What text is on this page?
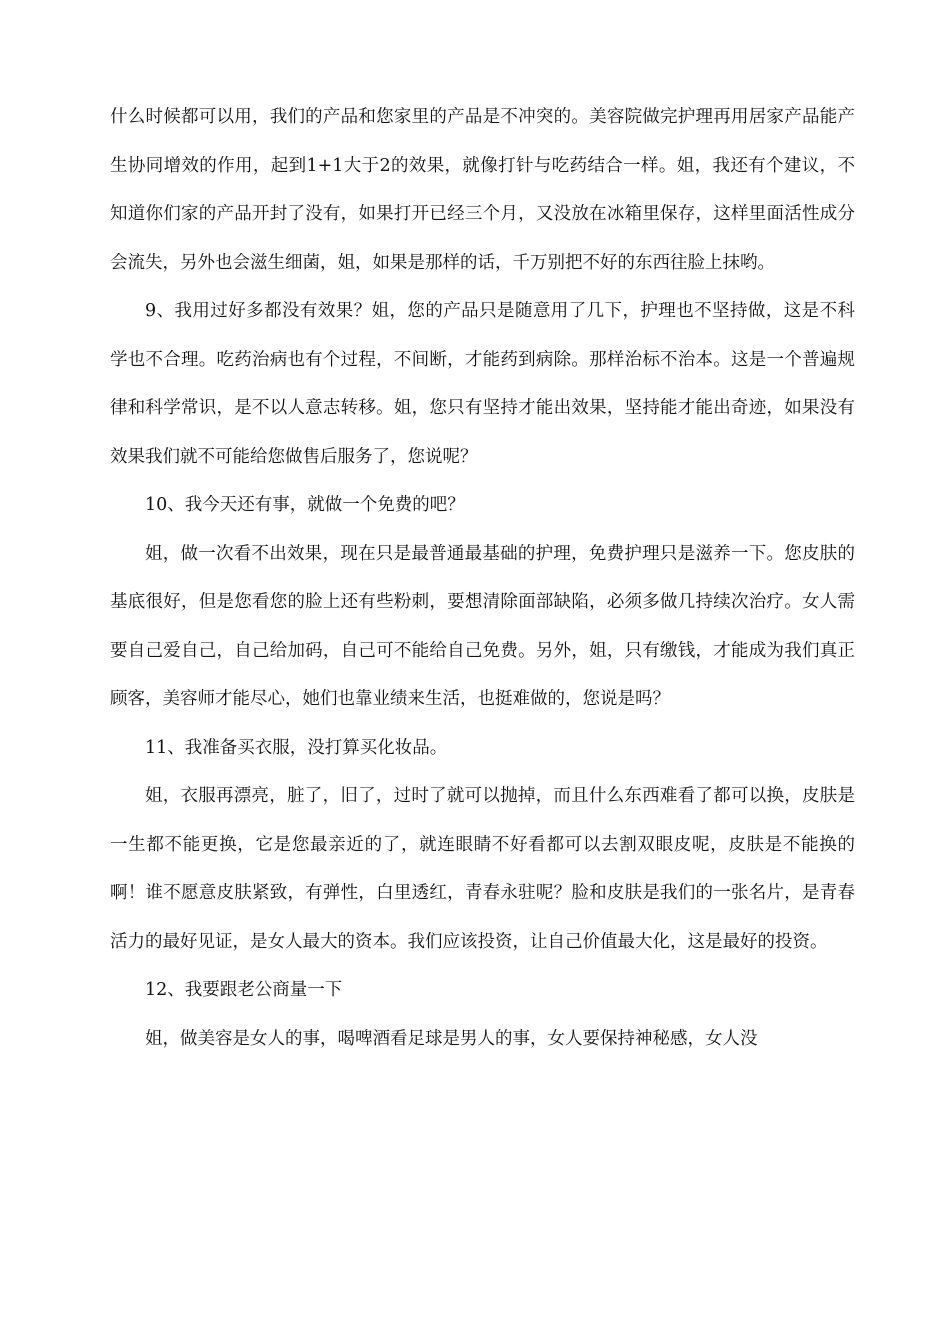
什么时候都可以用，我们的产品和您家里的产品是不冲突的。美容院做完护理再用居家产品能产生协同增效的作用，起到1+1大于2的效果，就像打针与吃药结合一样。姐，我还有个建议，不知道你们家的产品开封了没有，如果打开已经三个月，又没放在冰箱里保存，这样里面活性成分会流失，另外也会滋生细菌，姐，如果是那样的话，千万别把不好的东西往脸上抹哟。

9、我用过好多都没有效果？姐，您的产品只是随意用了几下，护理也不坚持做，这是不科学也不合理。吃药治病也有个过程，不间断，才能药到病除。那样治标不治本。这是一个普遍规律和科学常识，是不以人意志转移。姐，您只有坚持才能出效果，坚持能才能出奇迹，如果没有效果我们就不可能给您做售后服务了，您说呢？

10、我今天还有事，就做一个免费的吧？

姐，做一次看不出效果，现在只是最普通最基础的护理，免费护理只是滋养一下。您皮肤的基底很好，但是您看您的脸上还有些粉刺，要想清除面部缺陷，必须多做几持续次治疗。女人需要自己爱自己，自己给加码，自己可不能给自己免费。另外，姐，只有缴钱，才能成为我们真正顾客，美容师才能尽心，她们也靠业绩来生活，也挺难做的，您说是吗？

11、我准备买衣服，没打算买化妆品。

姐，衣服再漂亮，脏了，旧了，过时了就可以抛掉，而且什么东西难看了都可以换，皮肤是一生都不能更换，它是您最亲近的了，就连眼睛不好看都可以去割双眼皮呢，皮肤是不能换的啊！谁不愿意皮肤紧致，有弹性，白里透红，青春永驻呢？脸和皮肤是我们的一张名片，是青春活力的最好见证，是女人最大的资本。我们应该投资，让自己价值最大化，这是最好的投资。

12、我要跟老公商量一下

姐，做美容是女人的事，喝啤酒看足球是男人的事，女人要保持神秘感，女人没
